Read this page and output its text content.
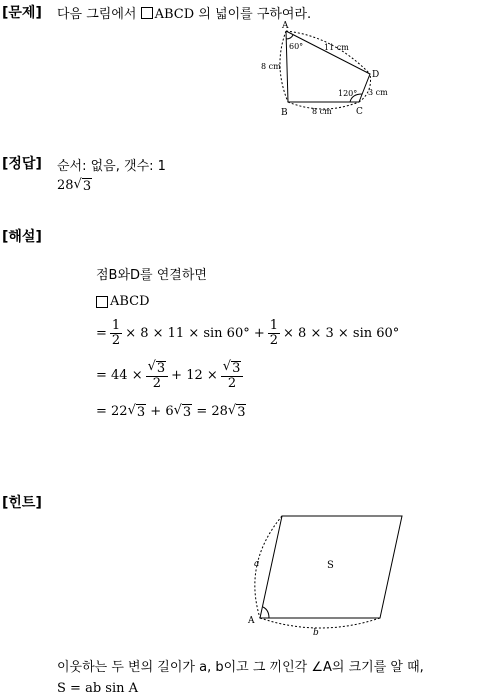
[문제] 다음 그림에서 ABCD 의 넓이를 구하여라.
A
B	C
D
60°
120°
8 cm
11 cm
8 cm
3 cm
[정답] 순서: 없음, 갯수: 1
28 √ 3
[해설]
점B와D를 연결하면
ABCD
= $\frac{1}{2} \times 8 \times 11 \times \sin 60^\circ + \frac{1}{2} \times 8 \times 3 \times \sin 60^\circ$
= $44 \times \frac{√ 3}{2} + 12 \times \frac{√ 3}{2}$
= 22 √ 3
+ 6 √ 3
= 28 √ 3
[힌트]
S
a
b
A
이웃하는 두 변의 길이가 a, b이고 그 끼인각 ∠A의 크기를 알 때,
S = ab sin A
